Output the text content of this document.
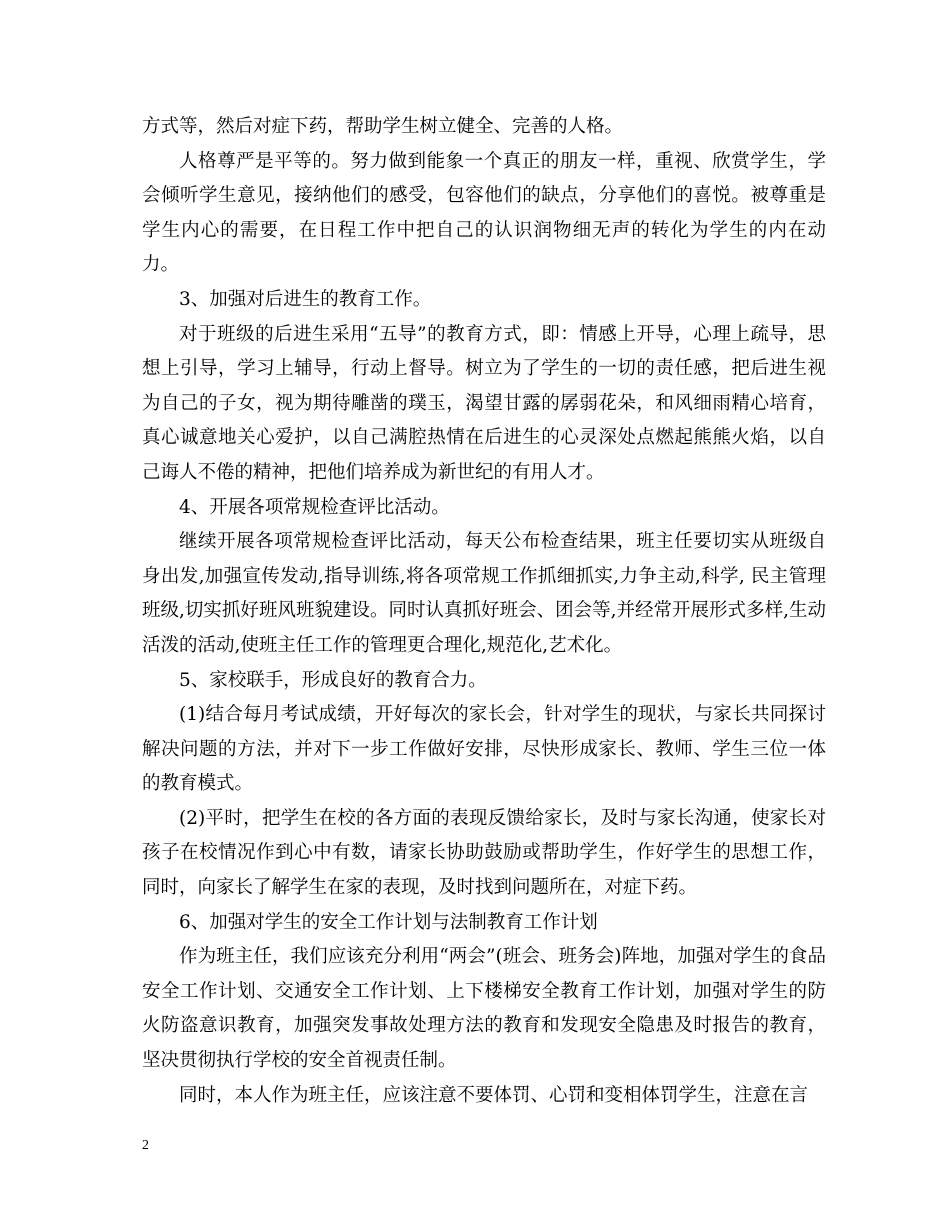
方式等，然后对症下药，帮助学生树立健全、完善的人格。

人格尊严是平等的。努力做到能象一个真正的朋友一样，重视、欣赏学生，学会倾听学生意见，接纳他们的感受，包容他们的缺点，分享他们的喜悦。被尊重是学生内心的需要，在日程工作中把自己的认识润物细无声的转化为学生的内在动力。

3、加强对后进生的教育工作。

对于班级的后进生采用“五导”的教育方式，即：情感上开导，心理上疏导，思想上引导，学习上辅导，行动上督导。树立为了学生的一切的责任感，把后进生视为自己的子女，视为期待雕凿的璞玉，渴望甘露的孱弱花朵，和风细雨精心培育，真心诚意地关心爱护，以自己满腔热情在后进生的心灵深处点燃起熊熊火焰，以自己诲人不倦的精神，把他们培养成为新世纪的有用人才。

4、开展各项常规检查评比活动。

继续开展各项常规检查评比活动，每天公布检查结果，班主任要切实从班级自身出发,加强宣传发动,指导训练,将各项常规工作抓细抓实,力争主动,科学, 民主管理班级,切实抓好班风班貌建设。同时认真抓好班会、团会等,并经常开展形式多样,生动活泼的活动,使班主任工作的管理更合理化,规范化,艺术化。

5、家校联手，形成良好的教育合力。

(1)结合每月考试成绩，开好每次的家长会，针对学生的现状，与家长共同探讨解决问题的方法，并对下一步工作做好安排，尽快形成家长、教师、学生三位一体的教育模式。

(2)平时，把学生在校的各方面的表现反馈给家长，及时与家长沟通，使家长对孩子在校情况作到心中有数，请家长协助鼓励或帮助学生，作好学生的思想工作，同时，向家长了解学生在家的表现，及时找到问题所在，对症下药。

6、加强对学生的安全工作计划与法制教育工作计划

作为班主任，我们应该充分利用“两会”(班会、班务会)阵地，加强对学生的食品安全工作计划、交通安全工作计划、上下楼梯安全教育工作计划，加强对学生的防火防盗意识教育，加强突发事故处理方法的教育和发现安全隐患及时报告的教育，坚决贯彻执行学校的安全首视责任制。

同时，本人作为班主任，应该注意不要体罚、心罚和变相体罚学生，注意在言

2
